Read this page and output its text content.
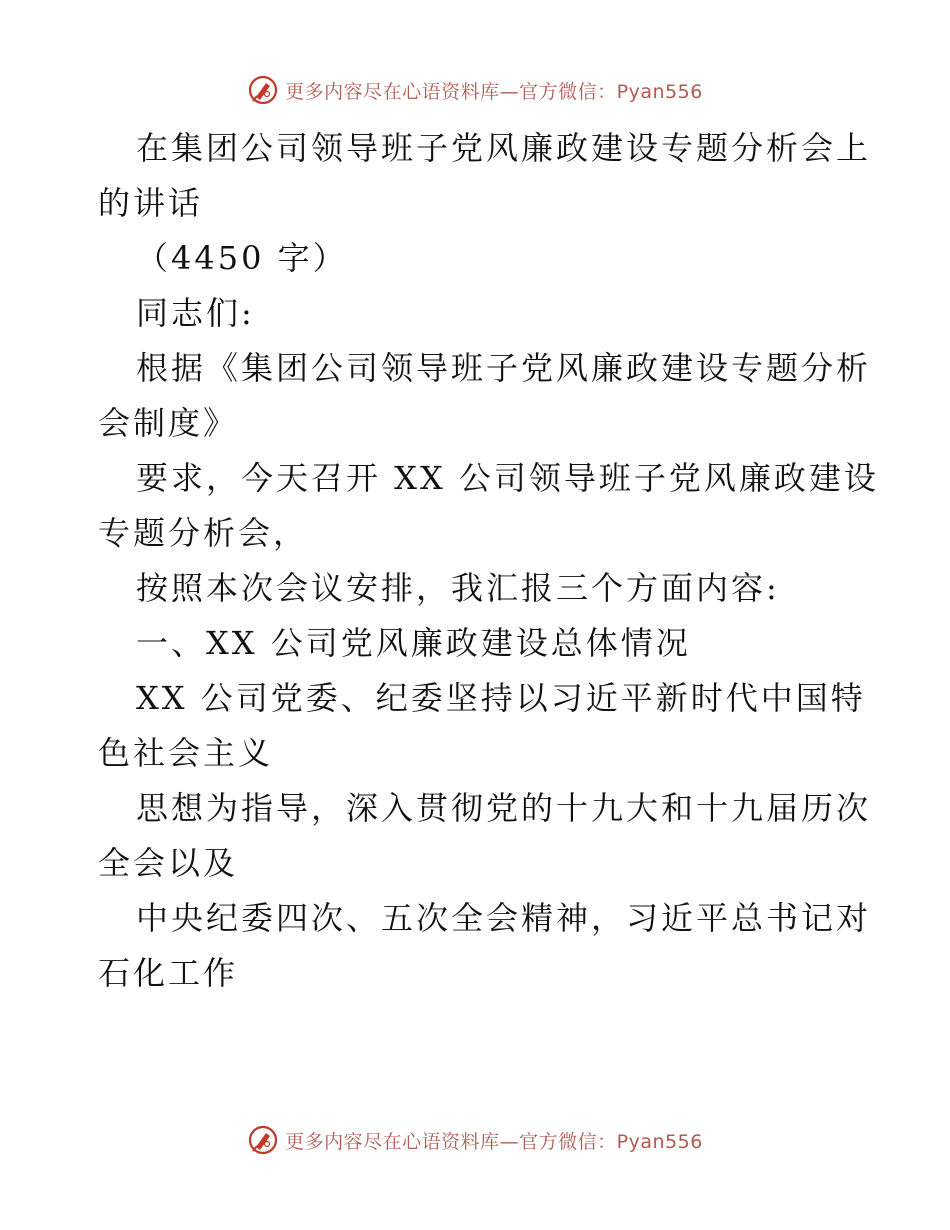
更多内容尽在心语资料库—官方微信：Pyan556
在集团公司领导班子党风廉政建设专题分析会上
的讲话
（4450 字）
同志们:
根据《集团公司领导班子党风廉政建设专题分析
会制度》
要求，今天召开 XX 公司领导班子党风廉政建设
专题分析会，
按照本次会议安排，我汇报三个方面内容:
一、XX 公司党风廉政建设总体情况
XX 公司党委、纪委坚持以习近平新时代中国特
色社会主义
思想为指导，深入贯彻党的十九大和十九届历次
全会以及
中央纪委四次、五次全会精神，习近平总书记对
石化工作
更多内容尽在心语资料库—官方微信：Pyan556
